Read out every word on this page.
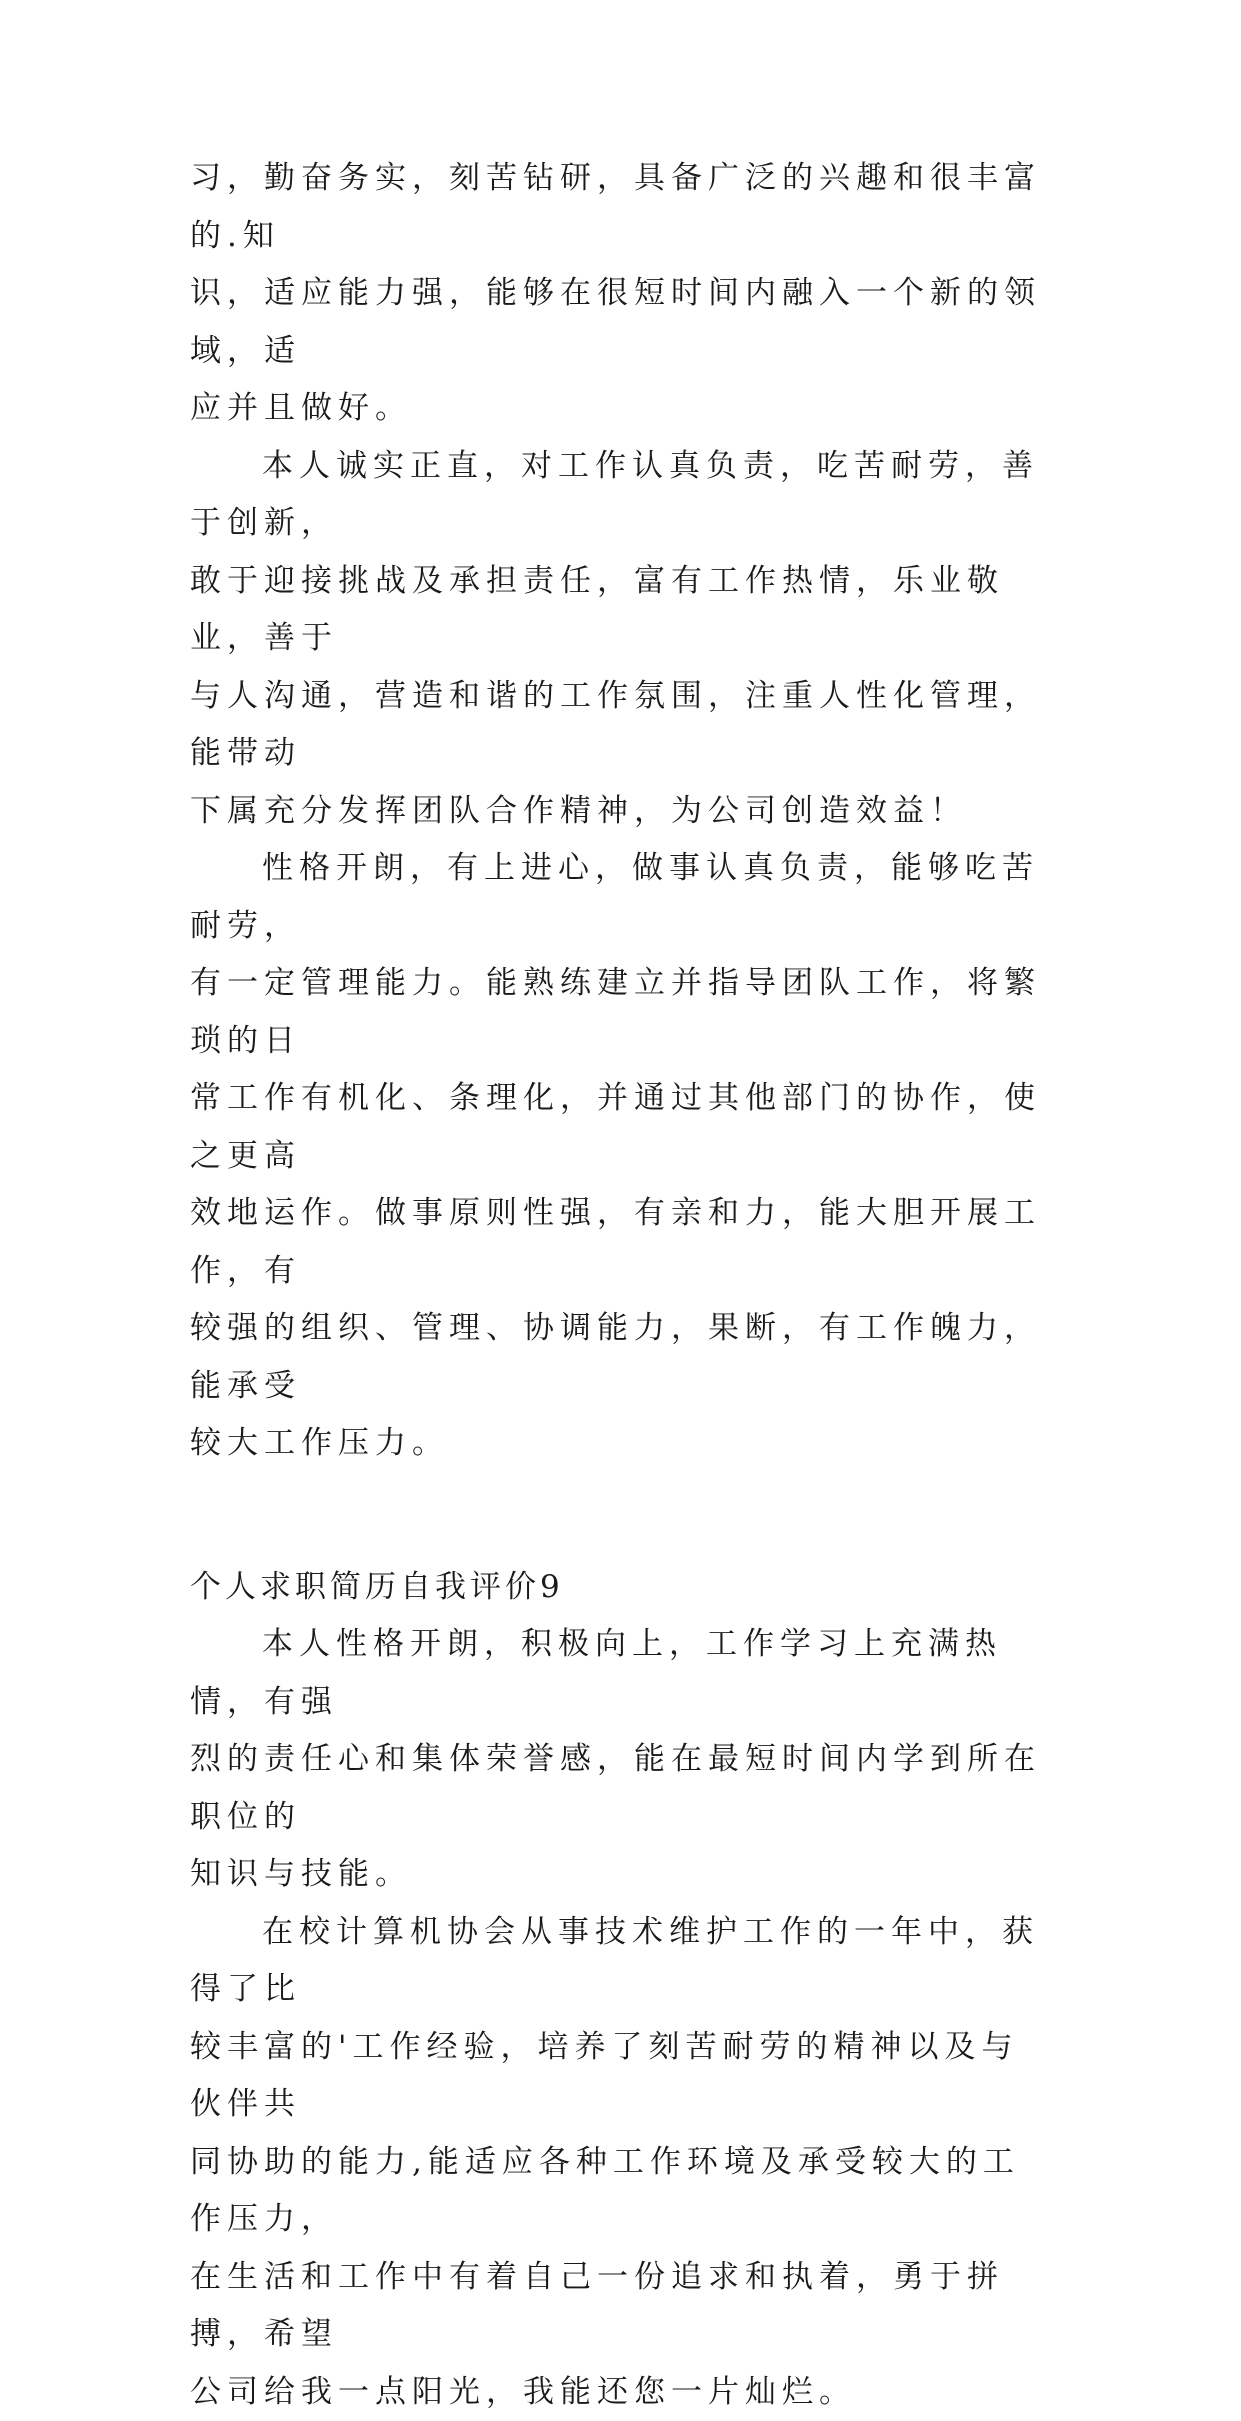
习，勤奋务实，刻苦钻研，具备广泛的兴趣和很丰富的.知
识，适应能力强，能够在很短时间内融入一个新的领域，适
应并且做好。

本人诚实正直，对工作认真负责，吃苦耐劳，善于创新，
敢于迎接挑战及承担责任，富有工作热情，乐业敬业，善于
与人沟通，营造和谐的工作氛围，注重人性化管理，能带动
下属充分发挥团队合作精神，为公司创造效益！

性格开朗，有上进心，做事认真负责，能够吃苦耐劳，
有一定管理能力。能熟练建立并指导团队工作，将繁琐的日
常工作有机化、条理化，并通过其他部门的协作，使之更高
效地运作。做事原则性强，有亲和力，能大胆开展工作，有
较强的组织、管理、协调能力，果断，有工作魄力，能承受
较大工作压力。

个人求职简历自我评价9

本人性格开朗，积极向上，工作学习上充满热情，有强
烈的责任心和集体荣誉感，能在最短时间内学到所在职位的
知识与技能。

在校计算机协会从事技术维护工作的一年中，获得了比
较丰富的'工作经验，培养了刻苦耐劳的精神以及与伙伴共
同协助的能力,能适应各种工作环境及承受较大的工作压力，
在生活和工作中有着自己一份追求和执着，勇于拼搏，希望
公司给我一点阳光，我能还您一片灿烂。
